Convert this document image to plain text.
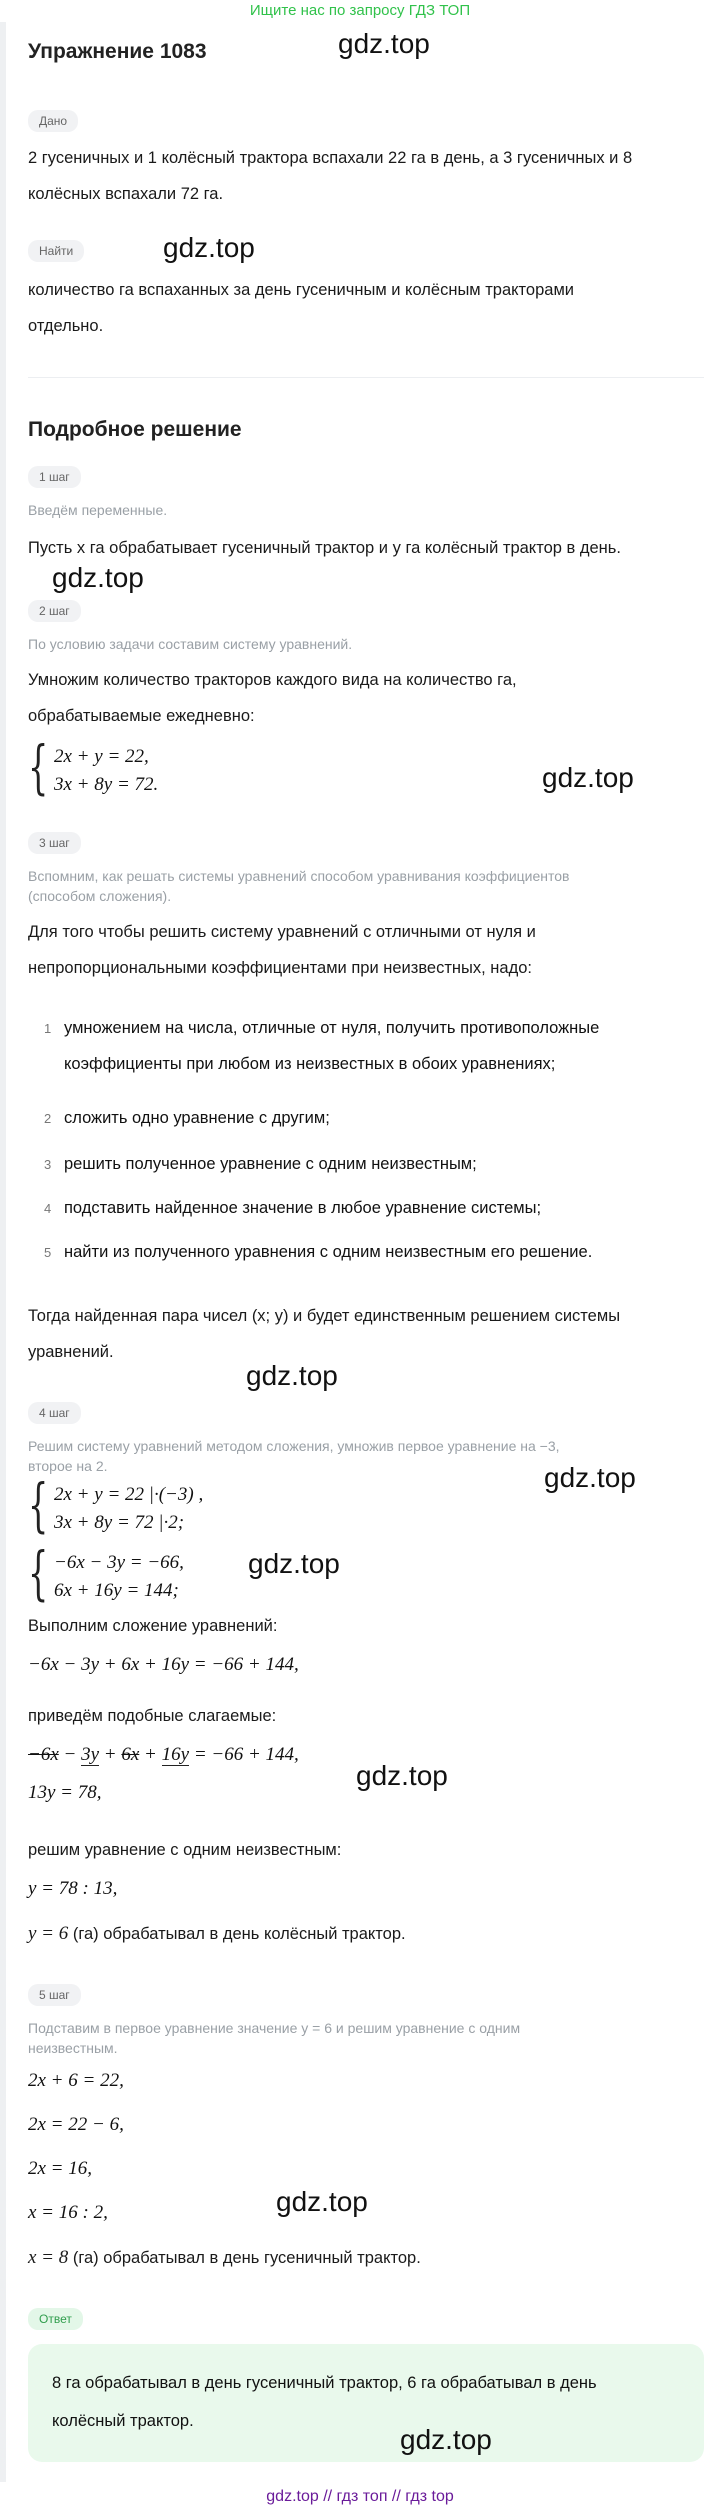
Ищите нас по запросу ГДЗ ТОП
Упражнение 1083
Дано
2 гусеничных и 1 колёсный трактора вспахали 22 га в день, а 3 гусеничных и 8
колёсных вспахали 72 га.
Найти
количество га вспаханных за день гусеничным и колёсным тракторами
отдельно.
Подробное решение
1 шаг
Введём переменные.
Пусть x га обрабатывает гусеничный трактор и y га колёсный трактор в день.
2 шаг
По условию задачи составим систему уравнений.
Умножим количество тракторов каждого вида на количество га,
обрабатываемые ежедневно:
{ 2x + y = 22,
3x + 8y = 72.
3 шаг
Вспомним, как решать системы уравнений способом уравнивания коэффициентов
(способом сложения).
Для того чтобы решить систему уравнений с отличными от нуля и
непропорциональными коэффициентами при неизвестных, надо:
1 умножением на числа, отличные от нуля, получить противоположные
коэффициенты при любом из неизвестных в обоих уравнениях;
2 сложить одно уравнение с другим;
3 решить полученное уравнение с одним неизвестным;
4 подставить найденное значение в любое уравнение системы;
5 найти из полученного уравнения с одним неизвестным его решение.
Тогда найденная пара чисел (x; y) и будет единственным решением системы
уравнений.
4 шаг
Решим систему уравнений методом сложения, умножив первое уравнение на −3,
второе на 2.
{ 2x + y = 22 |·(−3) ,
3x + 8y = 72 |·2;
{ −6x − 3y = −66,
6x + 16y = 144;
Выполним сложение уравнений:
−6x − 3y + 6x + 16y = −66 + 144,
приведём подобные слагаемые:
−6x − 3y + 6x + 16y = −66 + 144,
13y = 78,
решим уравнение с одним неизвестным:
y = 78 : 13,
y = 6 (га) обрабатывал в день колёсный трактор.
5 шаг
Подставим в первое уравнение значение y = 6 и решим уравнение с одним
неизвестным.
2x + 6 = 22,
2x = 22 − 6,
2x = 16,
x = 16 : 2,
x = 8 (га) обрабатывал в день гусеничный трактор.
Ответ
8 га обрабатывал в день гусеничный трактор, 6 га обрабатывал в день
колёсный трактор.
gdz.top
gdz.top
gdz.top
gdz.top
gdz.top
gdz.top
gdz.top
gdz.top
gdz.top
gdz.top
gdz.top // гдз топ // гдз top
